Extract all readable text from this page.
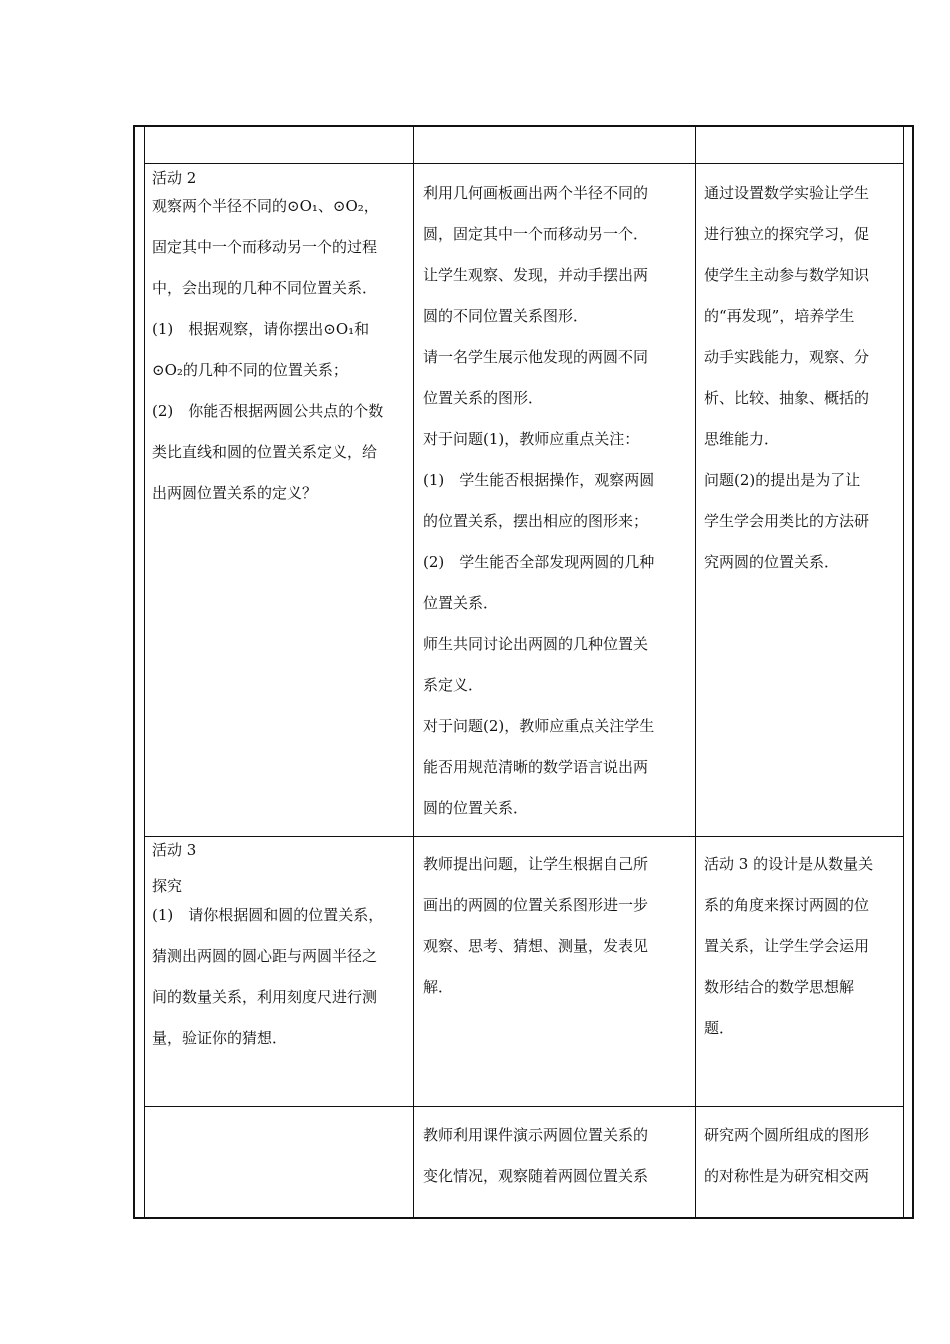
活动 2

观察两个半径不同的⊙O₁、⊙O₂，

固定其中一个而移动另一个的过程

中，会出现的几种不同位置关系．

(1)　根据观察，请你摆出⊙O₁和

⊙O₂的几种不同的位置关系；

(2)　你能否根据两圆公共点的个数

类比直线和圆的位置关系定义，给

出两圆位置关系的定义？

利用几何画板画出两个半径不同的

圆，固定其中一个而移动另一个．

让学生观察、发现，并动手摆出两

圆的不同位置关系图形．

请一名学生展示他发现的两圆不同

位置关系的图形．

对于问题(1)，教师应重点关注：

(1)　学生能否根据操作，观察两圆

的位置关系，摆出相应的图形来；

(2)　学生能否全部发现两圆的几种

位置关系．

师生共同讨论出两圆的几种位置关

系定义．

对于问题(2)，教师应重点关注学生

能否用规范清晰的数学语言说出两

圆的位置关系．

通过设置数学实验让学生

进行独立的探究学习，促

使学生主动参与数学知识

的“再发现”，培养学生

动手实践能力，观察、分

析、比较、抽象、概括的

思维能力．

问题(2)的提出是为了让

学生学会用类比的方法研

究两圆的位置关系．

活动 3

探究

(1)　请你根据圆和圆的位置关系，

猜测出两圆的圆心距与两圆半径之

间的数量关系，利用刻度尺进行测

量，验证你的猜想．

教师提出问题，让学生根据自己所

画出的两圆的位置关系图形进一步

观察、思考、猜想、测量，发表见

解．

活动 3 的设计是从数量关

系的角度来探讨两圆的位

置关系，让学生学会运用

数形结合的数学思想解

题．

教师利用课件演示两圆位置关系的

变化情况，观察随着两圆位置关系

研究两个圆所组成的图形

的对称性是为研究相交两
